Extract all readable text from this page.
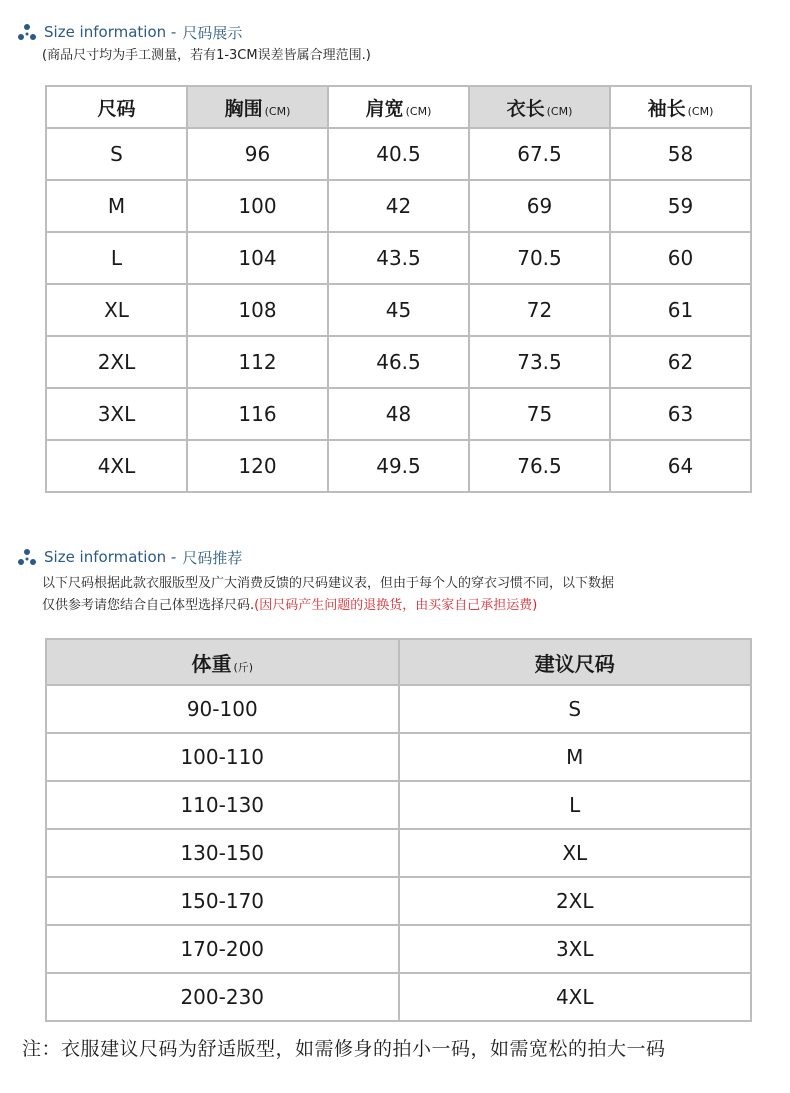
Size information - 尺码展示
(商品尺寸均为手工测量，若有1-3CM误差皆属合理范围.)
尺码	胸围 (CM)	肩宽 (CM)	衣长 (CM)	袖长 (CM)
S	96	40.5	67.5	58
M	100	42	69	59
L	104	43.5	70.5	60
XL	108	45	72	61
2XL	112	46.5	73.5	62
3XL	116	48	75	63
4XL	120	49.5	76.5	64
Size information - 尺码推荐
以下尺码根据此款衣服版型及广大消费反馈的尺码建议表，但由于每个人的穿衣习惯不同，以下数据
仅供参考请您结合自己体型选择尺码.(因尺码产生问题的退换货，由买家自己承担运费)
体重 (斤)	建议尺码
90-100	S
100-110	M
110-130	L
130-150	XL
150-170	2XL
170-200	3XL
200-230	4XL
注：衣服建议尺码为舒适版型，如需修身的拍小一码，如需宽松的拍大一码
